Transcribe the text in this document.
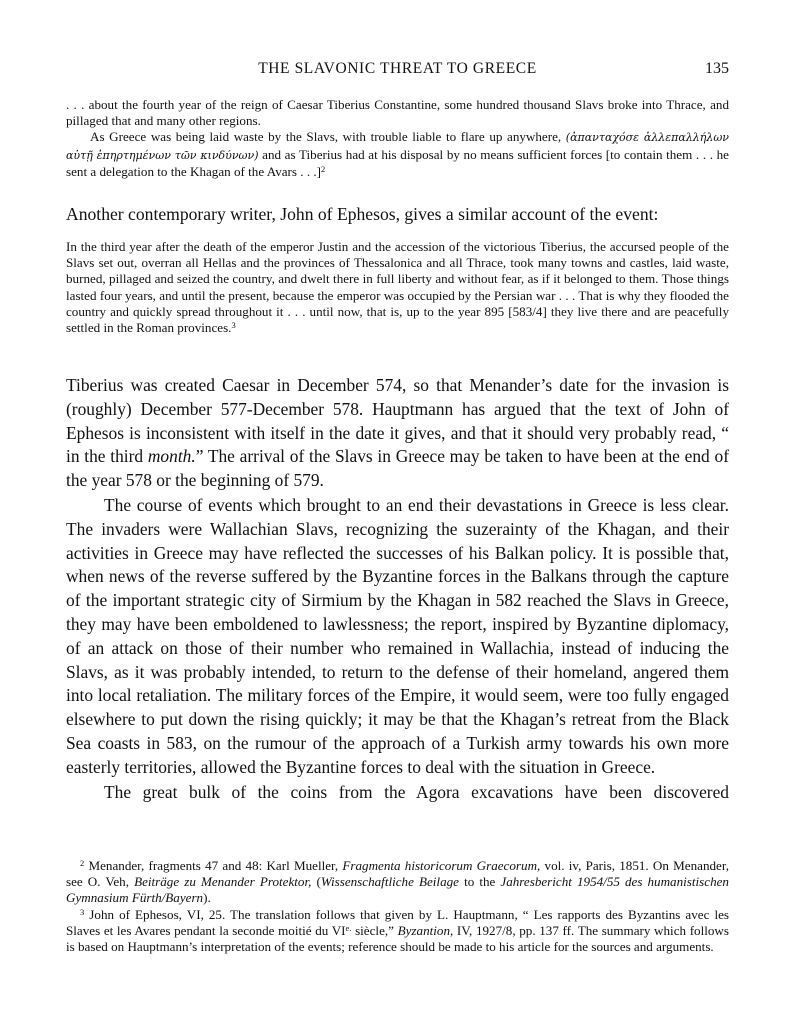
THE SLAVONIC THREAT TO GREECE	135

. . . about the fourth year of the reign of Caesar Tiberius Constantine, some hundred thousand Slavs broke into Thrace, and pillaged that and many other regions.

As Greece was being laid waste by the Slavs, with trouble liable to flare up anywhere, (ἀπανταχόσε ἀλλεπαλλήλων αὐτῇ ἐπηρτημένων τῶν κινδύνων) and as Tiberius had at his disposal by no means sufficient forces [to contain them . . . he sent a delegation to the Khagan of the Avars . . .]$^2$

Another contemporary writer, John of Ephesos, gives a similar account of the event:

In the third year after the death of the emperor Justin and the accession of the victorious Tiberius, the accursed people of the Slavs set out, overran all Hellas and the provinces of Thessalonica and all Thrace, took many towns and castles, laid waste, burned, pillaged and seized the country, and dwelt there in full liberty and without fear, as if it belonged to them. Those things lasted four years, and until the present, because the emperor was occupied by the Persian war . . . That is why they flooded the country and quickly spread throughout it . . . until now, that is, up to the year 895 [583/4] they live there and are peacefully settled in the Roman provinces.$^3$

Tiberius was created Caesar in December 574, so that Menander’s date for the invasion is (roughly) December 577-December 578. Hauptmann has argued that the text of John of Ephesos is inconsistent with itself in the date it gives, and that it should very probably read, “ in the third month.” The arrival of the Slavs in Greece may be taken to have been at the end of the year 578 or the beginning of 579.

The course of events which brought to an end their devastations in Greece is less clear. The invaders were Wallachian Slavs, recognizing the suzerainty of the Khagan, and their activities in Greece may have reflected the successes of his Balkan policy. It is possible that, when news of the reverse suffered by the Byzantine forces in the Balkans through the capture of the important strategic city of Sirmium by the Khagan in 582 reached the Slavs in Greece, they may have been emboldened to lawlessness; the report, inspired by Byzantine diplomacy, of an attack on those of their number who remained in Wallachia, instead of inducing the Slavs, as it was probably intended, to return to the defense of their homeland, angered them into local retaliation. The military forces of the Empire, it would seem, were too fully engaged elsewhere to put down the rising quickly; it may be that the Khagan’s retreat from the Black Sea coasts in 583, on the rumour of the approach of a Turkish army towards his own more easterly territories, allowed the Byzantine forces to deal with the situation in Greece.

The great bulk of the coins from the Agora excavations have been discovered

$^2$ Menander, fragments 47 and 48: Karl Mueller, Fragmenta historicorum Graecorum, vol. iv, Paris, 1851. On Menander, see O. Veh, Beiträge zu Menander Protektor, (Wissenschaftliche Beilage to the Jahresbericht 1954/55 des humanistischen Gymnasium Fürth/Bayern).

$^3$ John of Ephesos, VI, 25. The translation follows that given by L. Hauptmann, “ Les rapports des Byzantins avec les Slaves et les Avares pendant la seconde moitié du $VI^{e.}$ siècle,” Byzantion, IV, 1927/8, pp. 137 ff. The summary which follows is based on Hauptmann’s interpretation of the events; reference should be made to his article for the sources and arguments.
